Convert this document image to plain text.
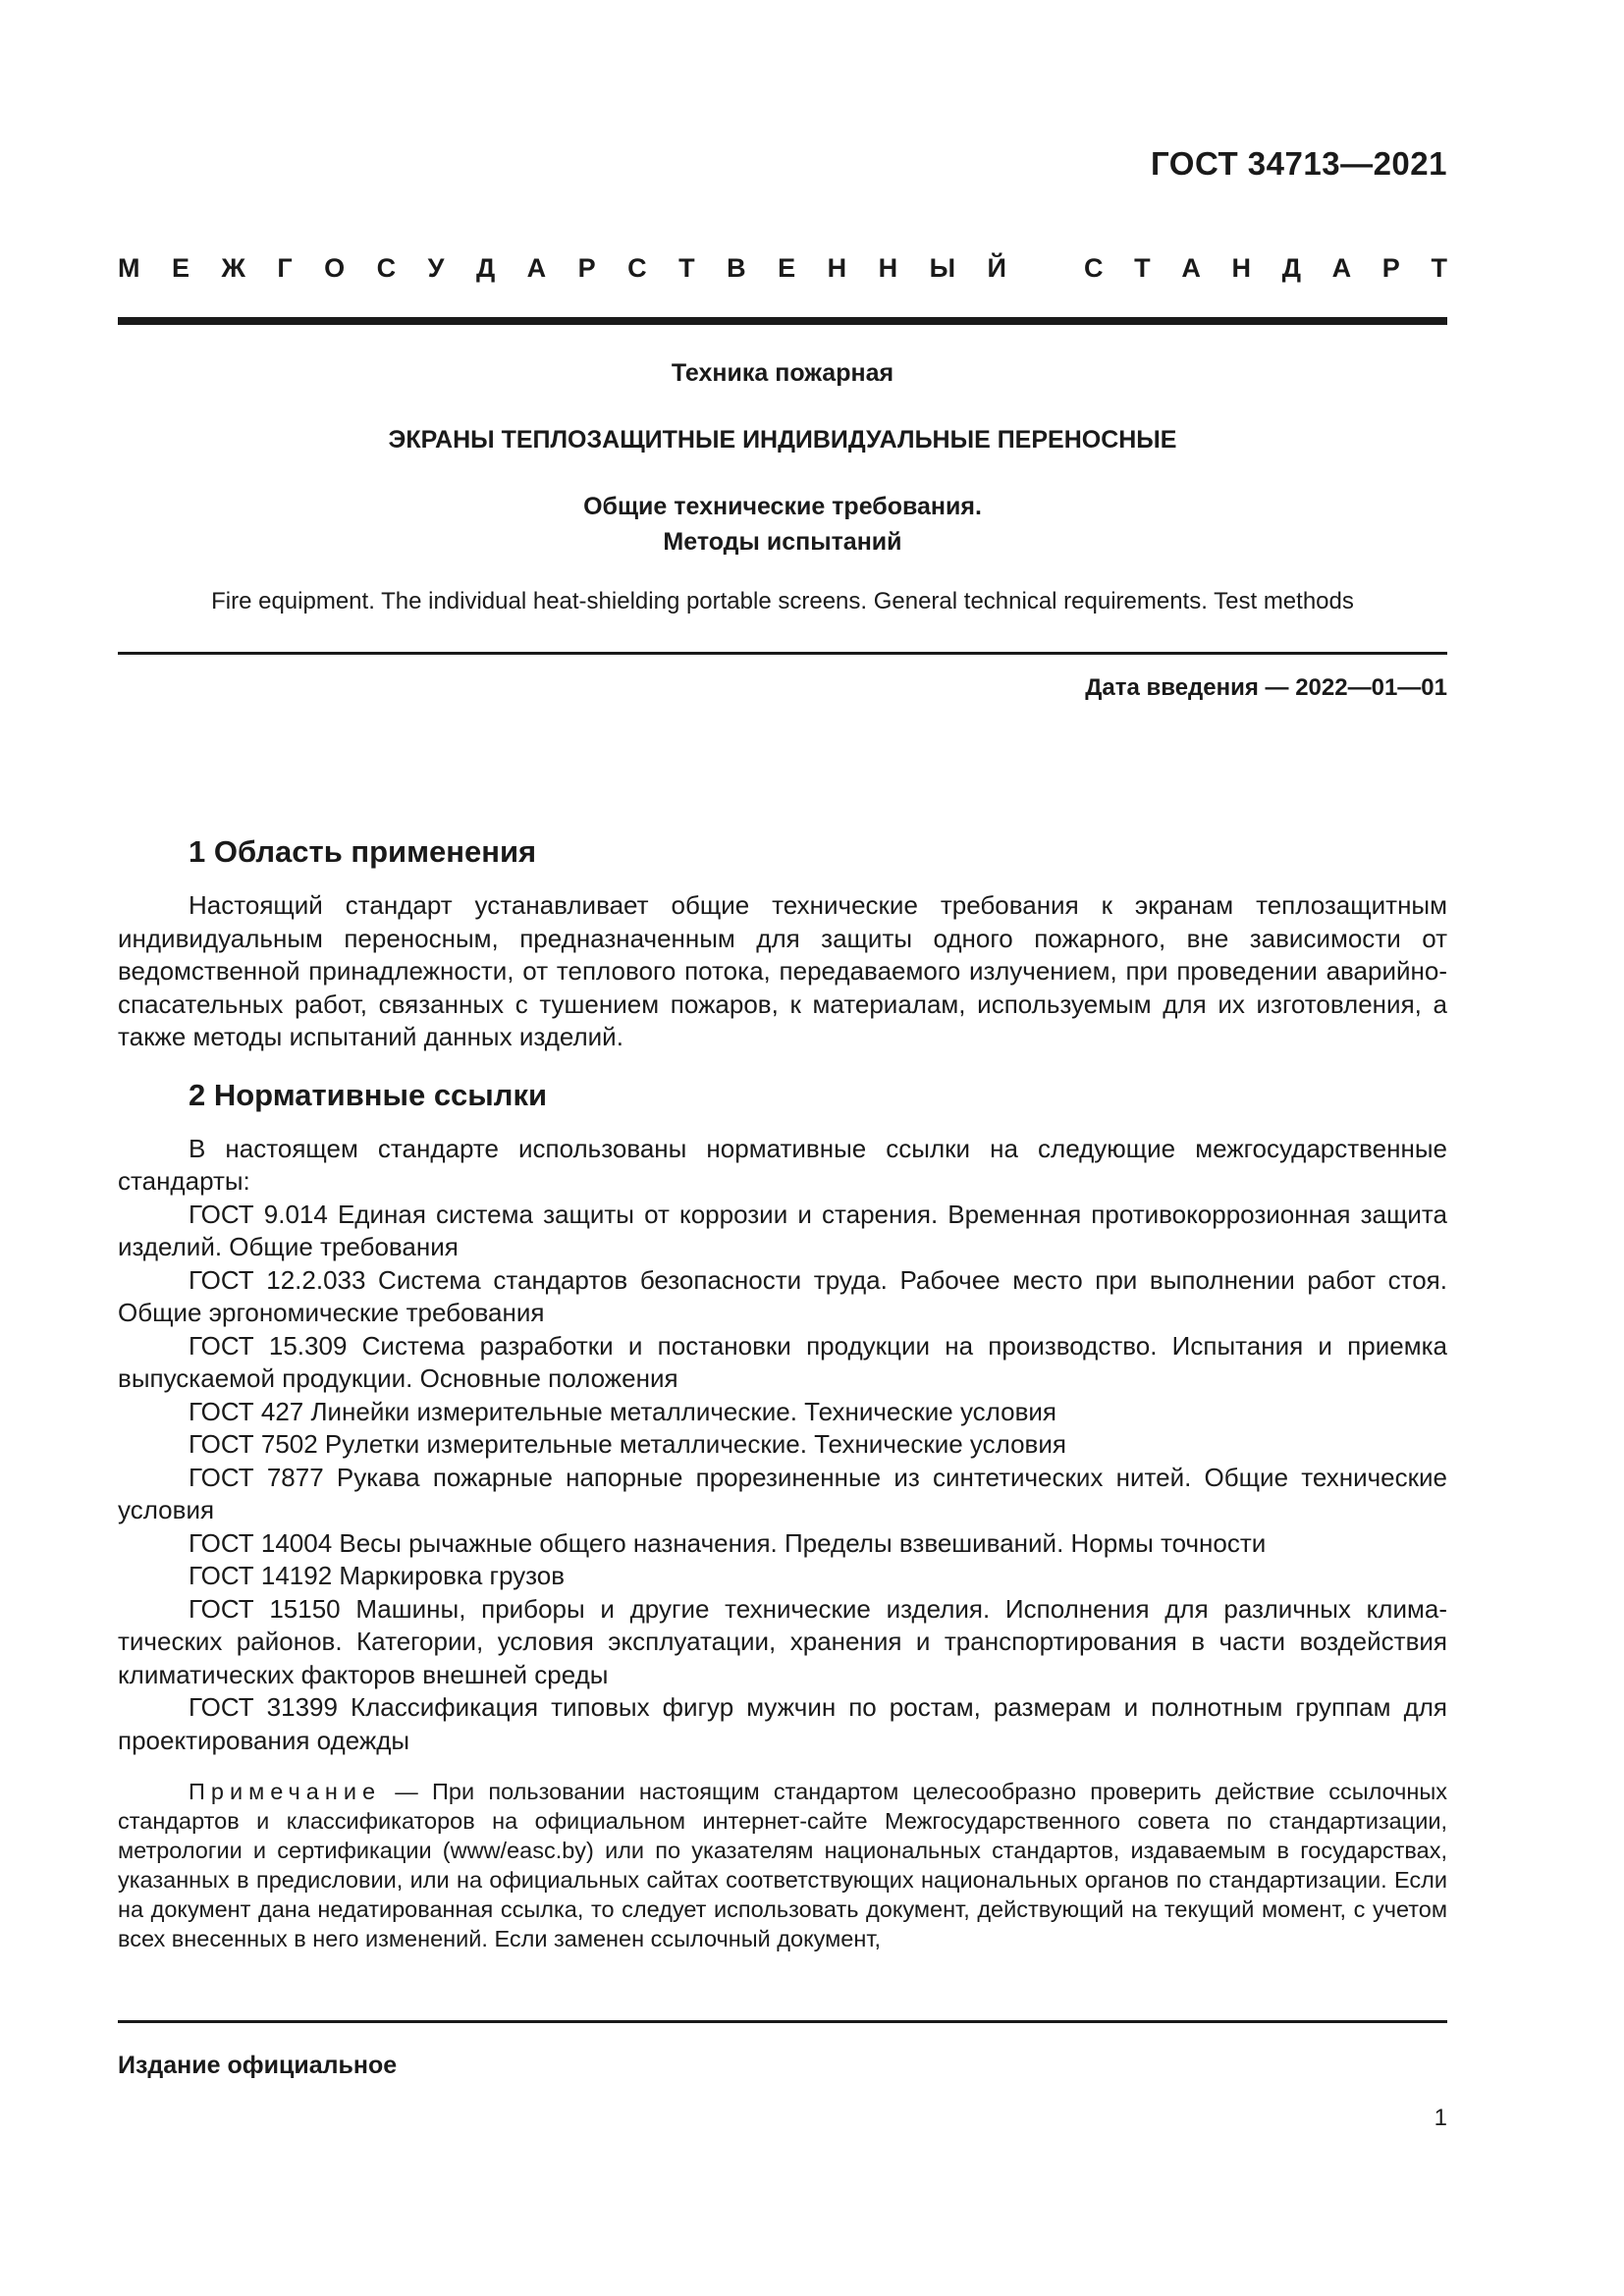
ГОСТ 34713—2021
М Е Ж Г О С У Д А Р С Т В Е Н Н Ы Й	С Т А Н Д А Р Т

Техника пожарная

ЭКРАНЫ ТЕПЛОЗАЩИТНЫЕ ИНДИВИДУАЛЬНЫЕ ПЕРЕНОСНЫЕ

Общие технические требования.
Методы испытаний

Fire equipment. The individual heat-shielding portable screens. General technical requirements. Test methods

Дата введения — 2022—01—01
1 Область применения

Настоящий стандарт устанавливает общие технические требования к экранам теплозащитным индивидуальным переносным, предназначенным для защиты одного пожарного, вне зависимости от ведомственной принадлежности, от теплового потока, передаваемого излучением, при проведении аварийно-спасательных работ, связанных с тушением пожаров, к материалам, используемым для их изготовления, а также методы испытаний данных изделий.

2 Нормативные ссылки

В настоящем стандарте использованы нормативные ссылки на следующие межгосударственные стандарты:

ГОСТ 9.014 Единая система защиты от коррозии и старения. Временная противокоррозионная защита изделий. Общие требования

ГОСТ 12.2.033 Система стандартов безопасности труда. Рабочее место при выполнении работ стоя. Общие эргономические требования

ГОСТ 15.309 Система разработки и постановки продукции на производство. Испытания и приемка выпускаемой продукции. Основные положения

ГОСТ 427 Линейки измерительные металлические. Технические условия

ГОСТ 7502 Рулетки измерительные металлические. Технические условия

ГОСТ 7877 Рукава пожарные напорные прорезиненные из синтетических нитей. Общие технические условия

ГОСТ 14004 Весы рычажные общего назначения. Пределы взвешиваний. Нормы точности

ГОСТ 14192 Маркировка грузов

ГОСТ 15150 Машины, приборы и другие технические изделия. Исполнения для различных климатических районов. Категории, условия эксплуатации, хранения и транспортирования в части воздействия климатических факторов внешней среды

ГОСТ 31399 Классификация типовых фигур мужчин по ростам, размерам и полнотным группам для проектирования одежды

Примечание — При пользовании настоящим стандартом целесообразно проверить действие ссылочных стандартов и классификаторов на официальном интернет-сайте Межгосударственного совета по стандартизации, метрологии и сертификации (www/easc.by) или по указателям национальных стандартов, издаваемым в государствах, указанных в предисловии, или на официальных сайтах соответствующих национальных органов по стандартизации. Если на документ дана недатированная ссылка, то следует использовать документ, действующий на текущий момент, с учетом всех внесенных в него изменений. Если заменен ссылочный документ,

Издание официальное
1
